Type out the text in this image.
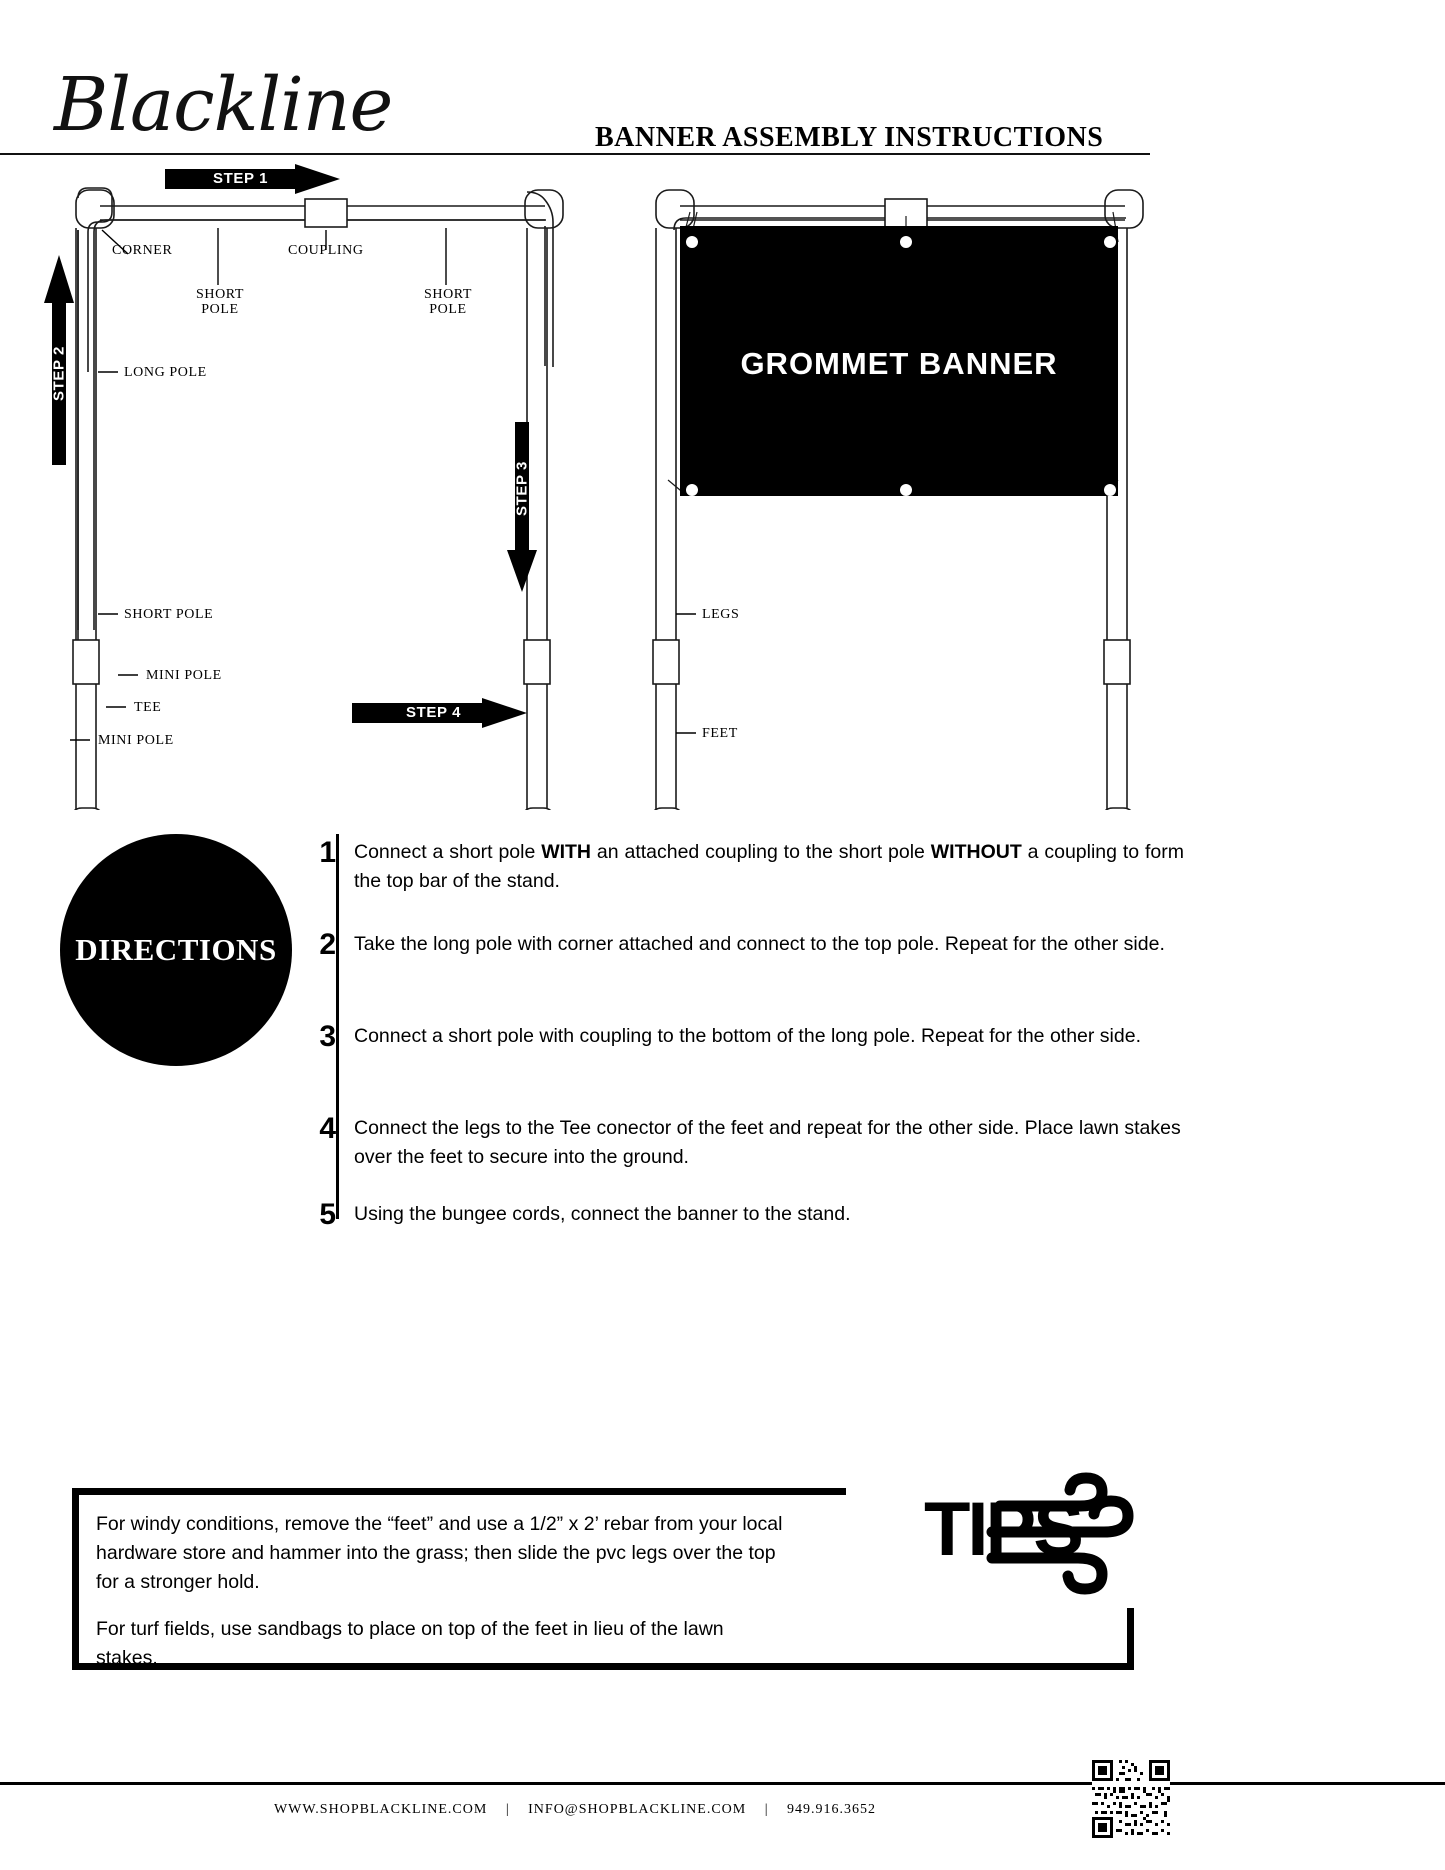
Blackline	BANNER ASSEMBLY INSTRUCTIONS
CORNER	COUPLING
SHORT
POLE
SHORT
POLE
LONG POLE
SHORT POLE
MINI POLE
TEE
MINI POLE
LEGS
FEET
GROMMET BANNER
STEP 1
STEP 2
STEP 3
STEP 4
DIRECTIONS
1 Connect a short pole WITH an attached coupling to the short pole WITHOUT a coupling to form the top bar of the stand.
2 Take the long pole with corner attached and connect to the top pole. Repeat for the other side.
3 Connect a short pole with coupling to the bottom of the long pole. Repeat for the other side.
4 Connect the legs to the Tee conector of the feet and repeat for the other side. Place lawn stakes over the feet to secure into the ground.
5 Using the bungee cords, connect the banner to the stand.
For windy conditions, remove the “feet” and use a 1/2” x 2’ rebar from your local hardware store and hammer into the grass; then slide the pvc legs over the top for a stronger hold.
For turf fields, use sandbags to place on top of the feet in lieu of the lawn stakes.
TIPS
WWW.SHOPBLACKLINE.COM | INFO@SHOPBLACKLINE.COM | 949.916.3652
